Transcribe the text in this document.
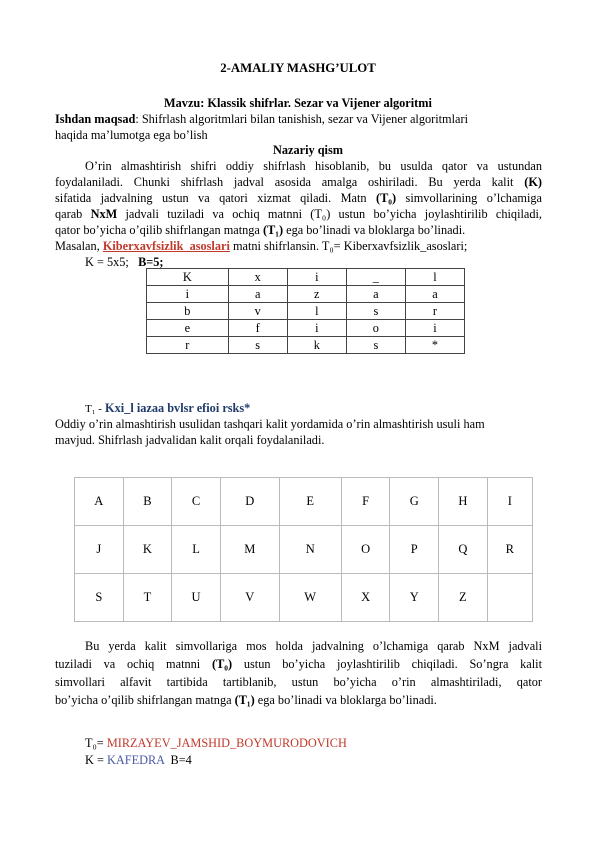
2-AMALIY MASHG’ULOT
Mavzu: Klassik shifrlar. Sezar va Vijener algoritmi
Ishdan maqsad: Shifrlash algoritmlari bilan tanishish, sezar va Vijener algoritmlari
haqida ma’lumotga ega bo’lish
Nazariy qism
O’rin almashtirish shifri oddiy shifrlash hisoblanib, bu usulda qator va ustundan
foydalaniladi. Chunki shifrlash jadval asosida amalga oshiriladi. Bu yerda kalit (K)
sifatida jadvalning ustun va qatori xizmat qiladi. Matn (T₀) simvollarining o’lchamiga
qarab NxM jadvali tuziladi va ochiq matnni (T₀) ustun bo’yicha joylashtirilib chiqiladi,
qator bo’yicha o’qilib shifrlangan matnga (T₁) ega bo’linadi va bloklarga bo’linadi.
Masalan, Kiberxavfsizlik_asoslari matni shifrlansin. T₀= Kiberxavfsizlik_asoslari;
K = 5x5; B=5;
K	x	i	_	l
i	a	z	a	a
b	v	l	s	r
e	f	i	o	i
r	s	k	s	*
T₁ - Kxi_l iazaa bvlsr efioi rsks*
Oddiy o’rin almashtirish usulidan tashqari kalit yordamida o’rin almashtirish usuli ham
mavjud. Shifrlash jadvalidan kalit orqali foydalaniladi.
A	B	C	D	E	F	G	H	I
J	K	L	M	N	O	P	Q	R
S	T	U	V	W	X	Y	Z	
Bu yerda kalit simvollariga mos holda jadvalning o’lchamiga qarab NxM jadvali
tuziladi va ochiq matnni (T₀) ustun bo’yicha joylashtirilib chiqiladi. So’ngra kalit
simvollari alfavit tartibida tartiblanib, ustun bo’yicha o’rin almashtiriladi, qator
bo’yicha o’qilib shifrlangan matnga (T₁) ega bo’linadi va bloklarga bo’linadi.
T₀= MIRZAYEV_JAMSHID_BOYMURODOVICH
K = KAFEDRA B=4
